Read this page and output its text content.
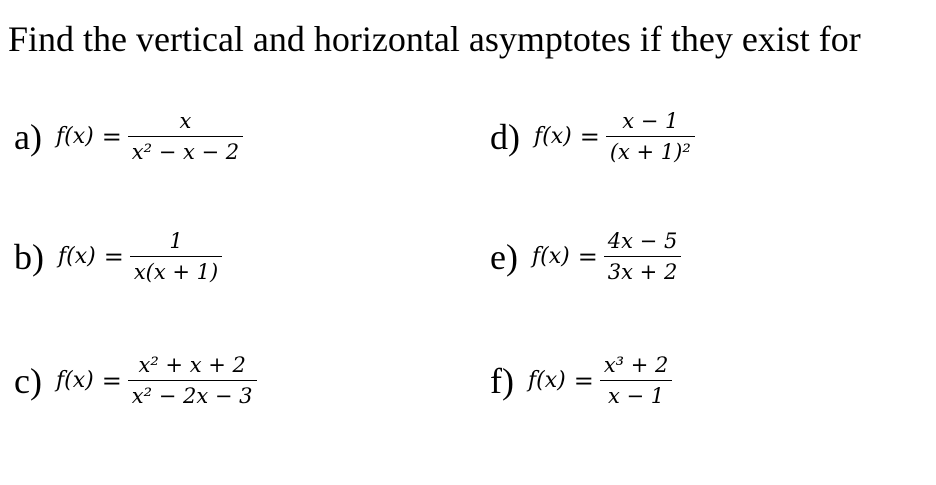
Find the vertical and horizontal asymptotes if they exist for
a) $f(x) = \frac{x}{\text{x² − x − 2}}$
b) $f(x) = \frac{1}{x(x + 1)}$
c) $f(x) = \frac{\text{x² + x + 2}}{\text{x² − 2x − 3}}$
d) $f(x) = \frac{x - 1}{\text{(x + 1)²}}$
e) $f(x) = \frac{4x - 5}{3x + 2}$
f) $f(x) = \frac{\text{x³ + 2}}{x - 1}$
